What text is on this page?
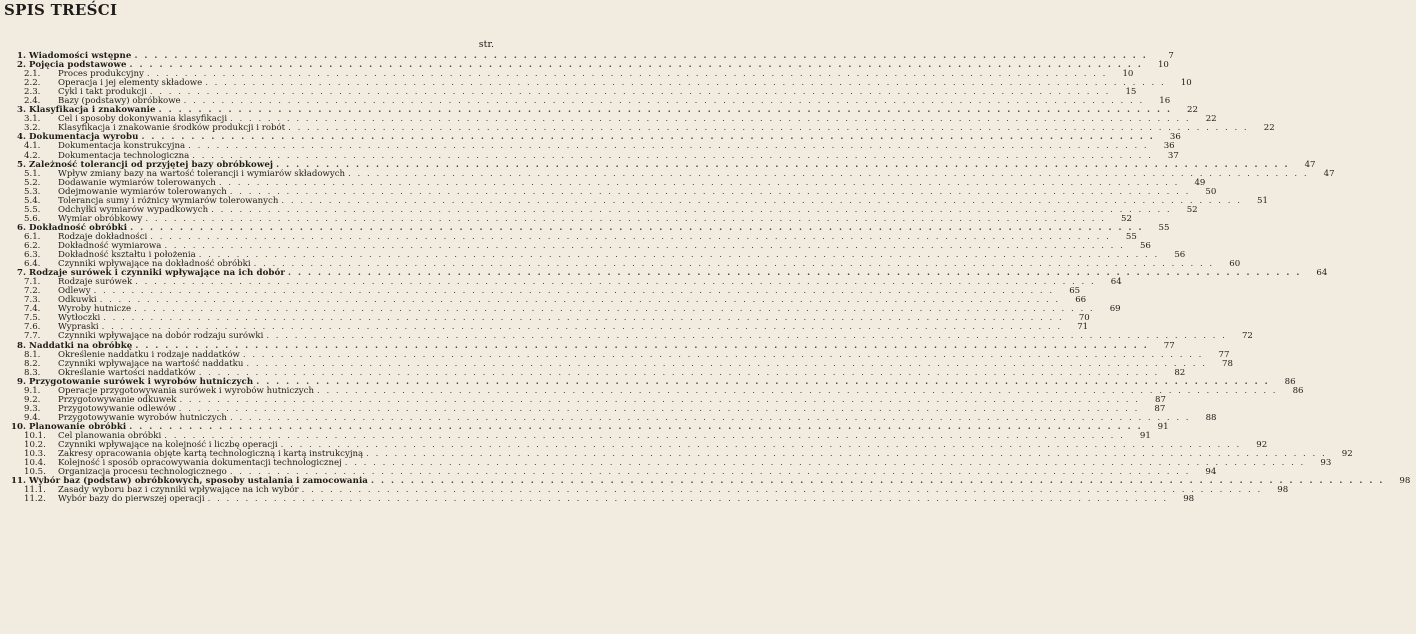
SPIS TREŚCI
str.
1. Wiadomości wstępne . . .	7
2. Pojęcia podstawowe . . .	10
2.1.	Proces produkcyjny . . .	10
2.2.	Operacja i jej elementy składowe . . .	10
2.3.	Cykl i takt produkcji . . .	15
2.4.	Bazy (podstawy) obróbkowe . . .	16
3. Klasyfikacja i znakowanie . . .	22
3.1.	Cel i sposoby dokonywania klasyfikacji . . .	22
3.2.	Klasyfikacja i znakowanie środków produkcji i robót . . .	22
4. Dokumentacja wyrobu . . .	36
4.1.	Dokumentacja konstrukcyjna . . .	36
4.2.	Dokumentacja technologiczna . . .	37
5. Zależność tolerancji od przyjętej bazy obróbkowej . . .	47
5.1.	Wpływ zmiany bazy na wartość tolerancji i wymiarów składowych . . .	47
5.2.	Dodawanie wymiarów tolerowanych . . .	49
5.3.	Odejmowanie wymiarów tolerowanych . . .	50
5.4.	Tolerancja sumy i różnicy wymiarów tolerowanych . . .	51
5.5.	Odchyłki wymiarów wypadkowych . . .	52
5.6.	Wymiar obróbkowy . . .	52
6. Dokładność obróbki . . .	55
6.1.	Rodzaje dokładności . . .	55
6.2.	Dokładność wymiarowa . . .	56
6.3.	Dokładność kształtu i położenia . . .	56
6.4.	Czynniki wpływające na dokładność obróbki . . .	60
7. Rodzaje surówek i czynniki wpływające na ich dobór . . .	64
7.1.	Rodzaje surówek . . .	64
7.2.	Odlewy . . .	65
7.3.	Odkuwki . . .	66
7.4.	Wyroby hutnicze . . .	69
7.5.	Wytłoczki . . .	70
7.6.	Wypraski . . .	71
7.7.	Czynniki wpływające na dobór rodzaju surówki . . .	72
8. Naddatki na obróbkę . . .	77
8.1.	Określenie naddatku i rodzaje naddatków . . .	77
8.2.	Czynniki wpływające na wartość naddatku . . .	78
8.3.	Określanie wartości naddatków . . .	82
9. Przygotowanie surówek i wyrobów hutniczych . . .	86
9.1.	Operacje przygotowywania surówek i wyrobów hutniczych . . .	86
9.2.	Przygotowywanie odkuwek . . .	87
9.3.	Przygotowywanie odlewów . . .	87
9.4.	Przygotowywanie wyrobów hutniczych . . .	88
10. Planowanie obróbki . . .	91
10.1.	Cel planowania obróbki . . .	91
10.2.	Czynniki wpływające na kolejność i liczbę operacji . . .	92
10.3.	Zakresy opracowania objęte kartą technologiczną i kartą instrukcyjną . . .	92
10.4.	Kolejność i sposób opracowywania dokumentacji technologicznej . . .	93
10.5.	Organizacja procesu technologicznego . . .	94
11. Wybór baz (podstaw) obróbkowych, sposoby ustalania i zamocowania . . .	98
11.1.	Zasady wyboru baz i czynniki wpływające na ich wybór . . .	98
11.2.	Wybór bazy do pierwszej operacji . . .	98
